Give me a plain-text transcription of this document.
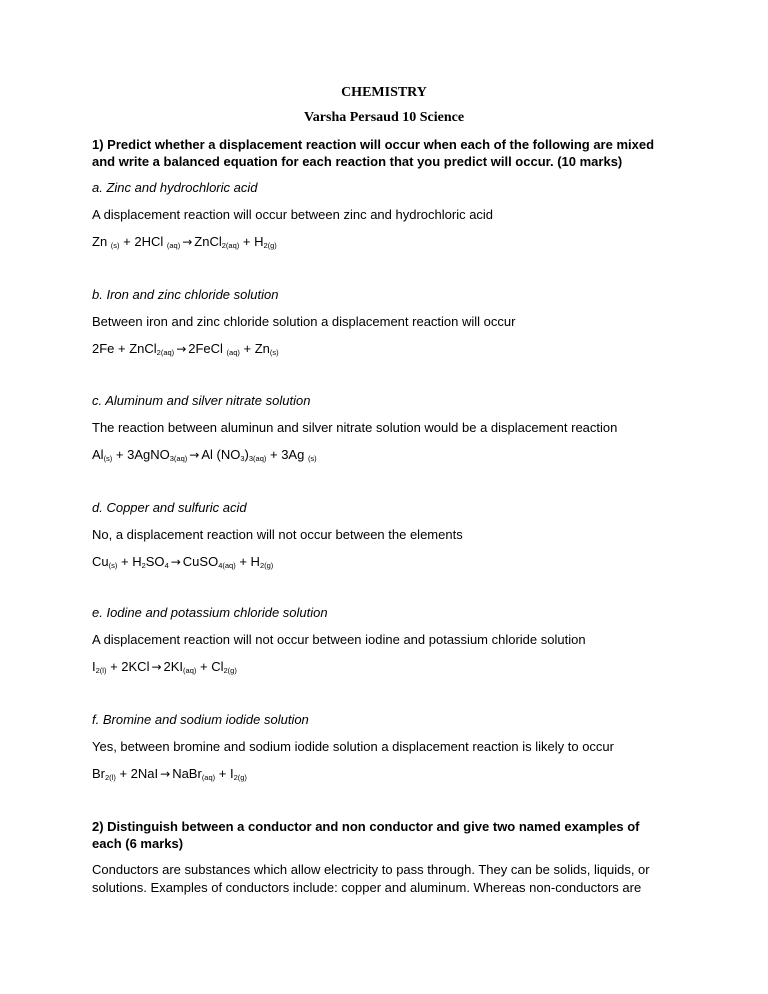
CHEMISTRY
Varsha Persaud 10 Science
1) Predict whether a displacement reaction will occur when each of the following are mixed and write a balanced equation for each reaction that you predict will occur. (10 marks)
a. Zinc and hydrochloric acid
A displacement reaction will occur between zinc and hydrochloric acid
Zn $_{(s)}$ + 2HCl $_{(aq)}$→ZnCl$_{2(aq)}$ + $H_{2(g)}$
b. Iron and zinc chloride solution
Between iron and zinc chloride solution a displacement reaction will occur
2Fe + ZnCl$_{2(aq)}$→2FeCl $_{(aq)} + Zn_{(s)}$
c. Aluminum and silver nitrate solution
The reaction between aluminun and silver nitrate solution would be a displacement reaction
$Al_{(s)}$ + 3AgNO$_{3(aq)}$→Al $(NO_3)_{3(aq)} + 3Ag$ $_{(s)}$
d. Copper and sulfuric acid
No, a displacement reaction will not occur between the elements
$Cu_{(s)}$ + $H_2SO_4\to CuSO_{4(aq)} + H_{2(g)}$
e. Iodine and potassium chloride solution
A displacement reaction will not occur between iodine and potassium chloride solution
$I_{2(l)} + 2KCl\to 2KI_{(aq)} + Cl_{2(g)}$
f. Bromine and sodium iodide solution
Yes, between bromine and sodium iodide solution a displacement reaction is likely to occur
$Br_{2(l)}$ + 2NaI→NaBr$_{(aq)}$ + $I_{2(g)}$
2) Distinguish between a conductor and non conductor and give two named examples of each (6 marks)
Conductors are substances which allow electricity to pass through. They can be solids, liquids, or solutions. Examples of conductors include: copper and aluminum. Whereas non-conductors are
